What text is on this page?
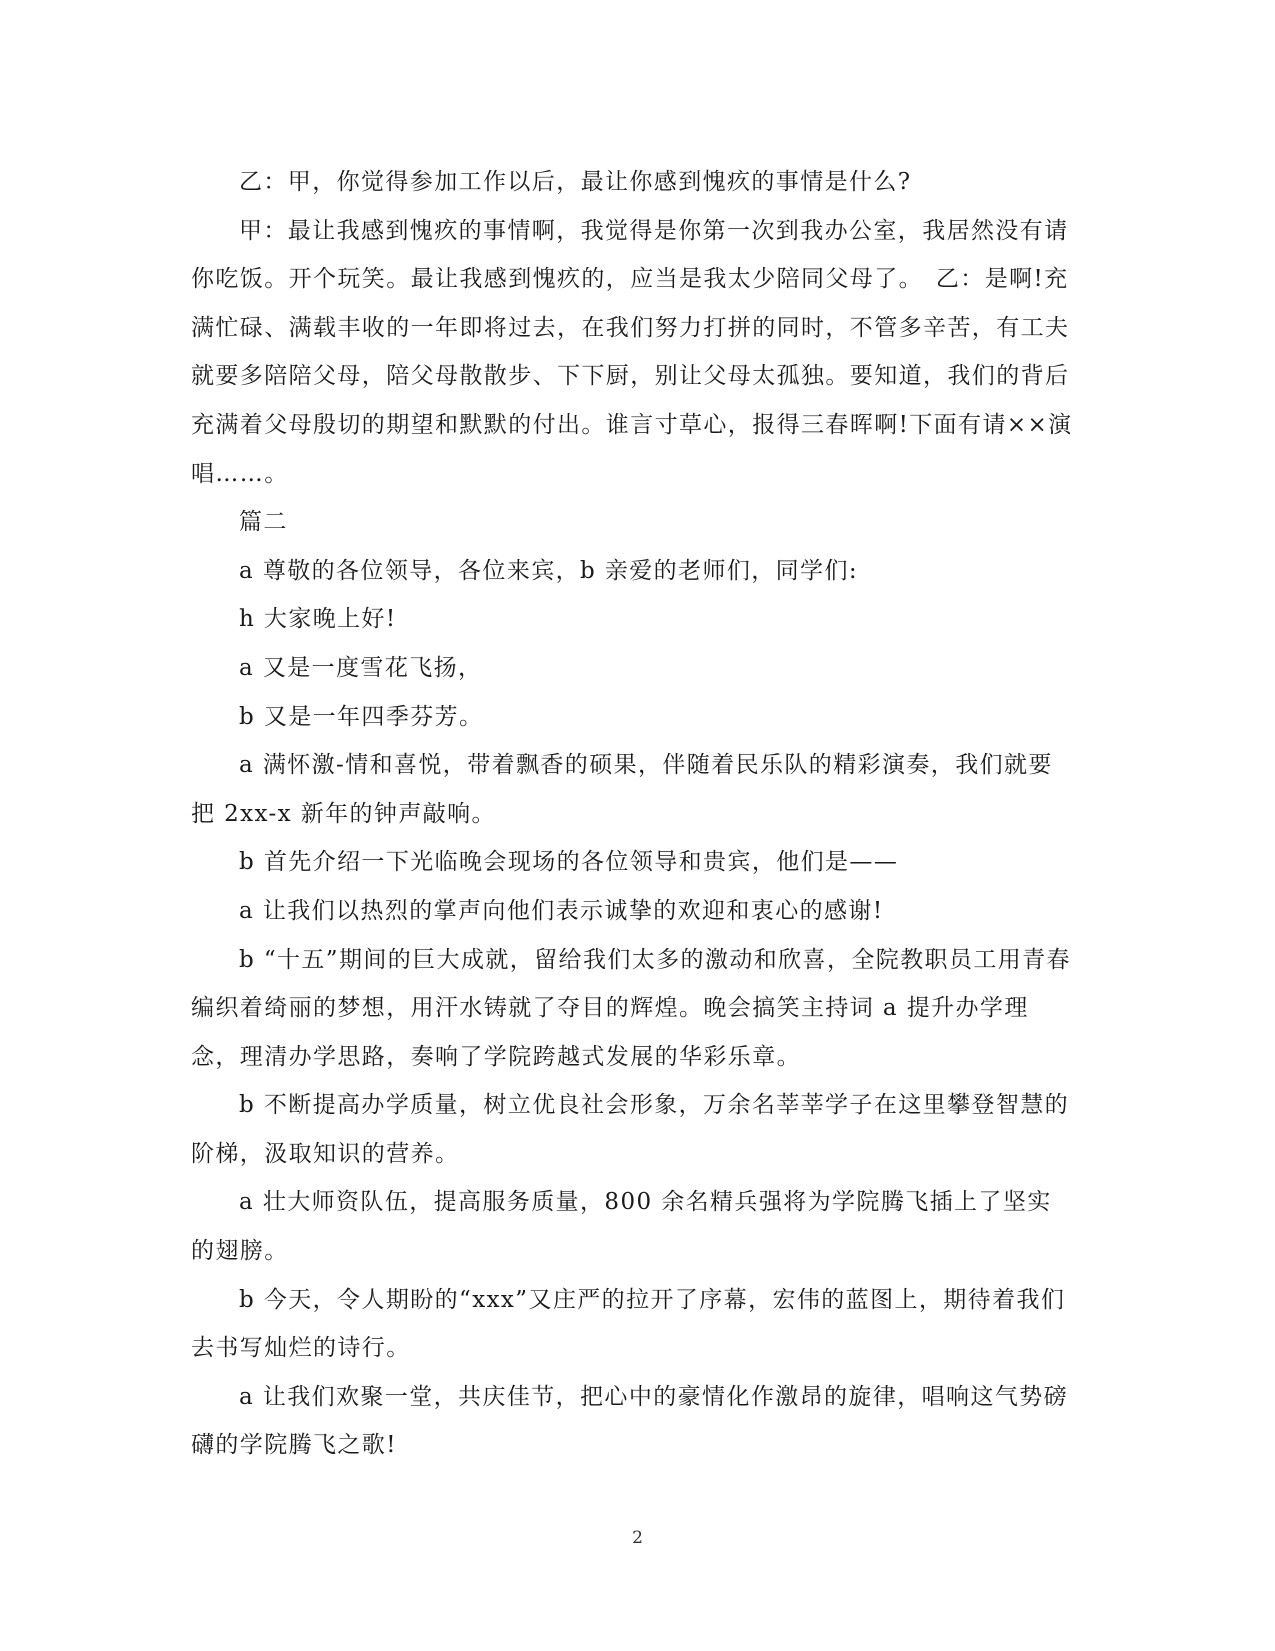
乙：甲，你觉得参加工作以后，最让你感到愧疚的事情是什么?

甲：最让我感到愧疚的事情啊，我觉得是你第一次到我办公室，我居然没有请你吃饭。开个玩笑。最让我感到愧疚的，应当是我太少陪同父母了。　乙：是啊!充满忙碌、满载丰收的一年即将过去，在我们努力打拼的同时，不管多辛苦，有工夫就要多陪陪父母，陪父母散散步、下下厨，别让父母太孤独。要知道，我们的背后充满着父母殷切的期望和默默的付出。谁言寸草心，报得三春晖啊!下面有请××演唱……。

篇二

a 尊敬的各位领导，各位来宾，b 亲爱的老师们，同学们:

h 大家晚上好!

a 又是一度雪花飞扬，

b 又是一年四季芬芳。

a 满怀激-情和喜悦，带着飘香的硕果，伴随着民乐队的精彩演奏，我们就要把 2xx-x 新年的钟声敲响。

b 首先介绍一下光临晚会现场的各位领导和贵宾，他们是——

a 让我们以热烈的掌声向他们表示诚挚的欢迎和衷心的感谢!

b “十五”期间的巨大成就，留给我们太多的激动和欣喜，全院教职员工用青春编织着绮丽的梦想，用汗水铸就了夺目的辉煌。晚会搞笑主持词 a 提升办学理念，理清办学思路，奏响了学院跨越式发展的华彩乐章。

b 不断提高办学质量，树立优良社会形象，万余名莘莘学子在这里攀登智慧的阶梯，汲取知识的营养。

a 壮大师资队伍，提高服务质量，800 余名精兵强将为学院腾飞插上了坚实的翅膀。

b 今天，令人期盼的“xxx”又庄严的拉开了序幕，宏伟的蓝图上，期待着我们去书写灿烂的诗行。

a 让我们欢聚一堂，共庆佳节，把心中的豪情化作激昂的旋律，唱响这气势磅礴的学院腾飞之歌!

2
